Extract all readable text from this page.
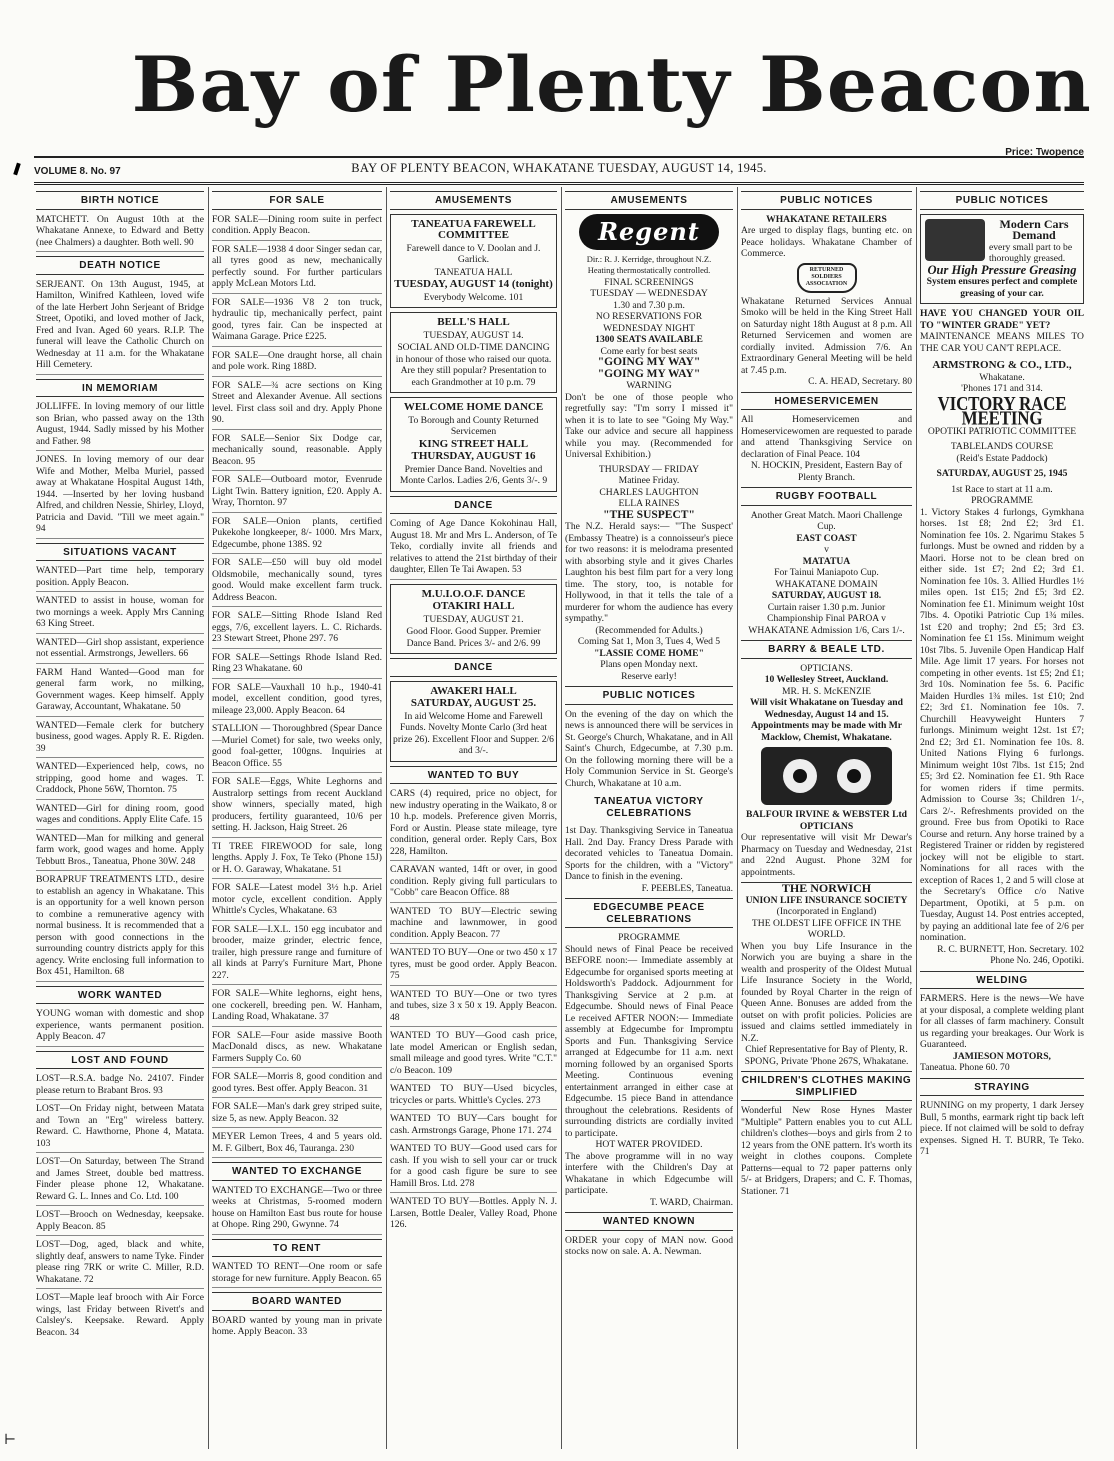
Bay of Plenty Beacon
VOLUME 8. No. 97	BAY OF PLENTY BEACON, WHAKATANE TUESDAY, AUGUST 14, 1945.
Price: Twopence
BIRTH NOTICE

MATCHETT. On August 10th at the Whakatane Annexe, to Edward and Betty (nee Chalmers) a daughter. Both well. 90

DEATH NOTICE

SERJEANT. On 13th August, 1945, at Hamilton, Winifred Kathleen, loved wife of the late Herbert John Serjeant of Bridge Street, Opotiki, and loved mother of Jack, Fred and Ivan. Aged 60 years. R.I.P. The funeral will leave the Catholic Church on Wednesday at 11 a.m. for the Whakatane Hill Cemetery.

IN MEMORIAM

JOLLIFFE. In loving memory of our little son Brian, who passed away on the 13th August, 1944. Sadly missed by his Mother and Father. 98

JONES. In loving memory of our dear Wife and Mother, Melba Muriel, passed away at Whakatane Hospital August 14th, 1944. —Inserted by her loving husband Alfred, and children Nessie, Shirley, Lloyd, Patricia and David. "Till we meet again." 94

SITUATIONS VACANT

WANTED—Part time help, temporary position. Apply Beacon.

WANTED to assist in house, woman for two mornings a week. Apply Mrs Canning 63 King Street.

WANTED—Girl shop assistant, experience not essential. Armstrongs, Jewellers. 66

FARM Hand Wanted—Good man for general farm work, no milking, Government wages. Keep himself. Apply Garaway, Accountant, Whakatane. 50

WANTED—Female clerk for butchery business, good wages. Apply R. E. Rigden. 39

WANTED—Experienced help, cows, no stripping, good home and wages. T. Craddock, Phone 56W, Thornton. 75

WANTED—Girl for dining room, good wages and conditions. Apply Elite Cafe. 15

WANTED—Man for milking and general farm work, good wages and home. Apply Tebbutt Bros., Taneatua, Phone 30W. 248

BORAPRUF TREATMENTS LTD., desire to establish an agency in Whakatane. This is an opportunity for a well known person to combine a remunerative agency with normal business. It is recommended that a person with good connections in the surrounding country districts apply for this agency. Write enclosing full information to Box 451, Hamilton. 68

WORK WANTED

YOUNG woman with domestic and shop experience, wants permanent position. Apply Beacon. 47

LOST AND FOUND

LOST—R.S.A. badge No. 24107. Finder please return to Brabant Bros. 93

LOST—On Friday night, between Matata and Town an "Erg" wireless battery. Reward. C. Hawthorne, Phone 4, Matata. 103

LOST—On Saturday, between The Strand and James Street, double bed mattress. Finder please phone 12, Whakatane. Reward G. L. Innes and Co. Ltd. 100

LOST—Brooch on Wednesday, keepsake. Apply Beacon. 85

LOST—Dog, aged, black and white, slightly deaf, answers to name Tyke. Finder please ring 7RK or write C. Miller, R.D. Whakatane. 72

LOST—Maple leaf brooch with Air Force wings, last Friday between Rivett's and Calsley's. Keepsake. Reward. Apply Beacon. 34

FOR SALE

FOR SALE—Dining room suite in perfect condition. Apply Beacon.

FOR SALE—1938 4 door Singer sedan car, all tyres good as new, mechanically perfectly sound. For further particulars apply McLean Motors Ltd.

FOR SALE—1936 V8 2 ton truck, hydraulic tip, mechanically perfect, paint good, tyres fair. Can be inspected at Waimana Garage. Price £225.

FOR SALE—One draught horse, all chain and pole work. Ring 188D.

FOR SALE—¾ acre sections on King Street and Alexander Avenue. All sections level. First class soil and dry. Apply Phone 90.

FOR SALE—Senior Six Dodge car, mechanically sound, reasonable. Apply Beacon. 95

FOR SALE—Outboard motor, Evenrude Light Twin. Battery ignition, £20. Apply A. Wray, Thornton. 97

FOR SALE—Onion plants, certified Pukekohe longkeeper, 8/- 1000. Mrs Marx, Edgecumbe, phone 138S. 92

FOR SALE—£50 will buy old model Oldsmobile, mechanically sound, tyres good. Would make excellent farm truck. Address Beacon.

FOR SALE—Sitting Rhode Island Red eggs, 7/6, excellent layers. L. C. Richards. 23 Stewart Street, Phone 297. 76

FOR SALE—Settings Rhode Island Red. Ring 23 Whakatane. 60

FOR SALE—Vauxhall 10 h.p., 1940-41 model, excellent condition, good tyres, mileage 23,000. Apply Beacon. 64

STALLION — Thoroughbred (Spear Dance—Muriel Comet) for sale, two weeks only, good foal-getter, 100gns. Inquiries at Beacon Office. 55

FOR SALE—Eggs, White Leghorns and Australorp settings from recent Auckland show winners, specially mated, high producers, fertility guaranteed, 10/6 per setting. H. Jackson, Haig Street. 26

TI TREE FIREWOOD for sale, long lengths. Apply J. Fox, Te Teko (Phone 15J) or H. O. Garaway, Whakatane. 51

FOR SALE—Latest model 3½ h.p. Ariel motor cycle, excellent condition. Apply Whittle's Cycles, Whakatane. 63

FOR SALE—I.X.L. 150 egg incubator and brooder, maize grinder, electric fence, trailer, high pressure range and furniture of all kinds at Parry's Furniture Mart, Phone 227.

FOR SALE—White leghorns, eight hens, one cockerell, breeding pen. W. Hanham, Landing Road, Whakatane. 37

FOR SALE—Four aside massive Booth MacDonald discs, as new. Whakatane Farmers Supply Co. 60

FOR SALE—Morris 8, good condition and good tyres. Best offer. Apply Beacon. 31

FOR SALE—Man's dark grey striped suite, size 5, as new. Apply Beacon. 32

MEYER Lemon Trees, 4 and 5 years old. M. F. Gilbert, Box 46, Tauranga. 230

WANTED TO EXCHANGE

WANTED TO EXCHANGE—Two or three weeks at Christmas, 5-roomed modern house on Hamilton East bus route for house at Ohope. Ring 290, Gwynne. 74

TO RENT

WANTED TO RENT—One room or safe storage for new furniture. Apply Beacon. 65

BOARD WANTED

BOARD wanted by young man in private home. Apply Beacon. 33

AMUSEMENTS
TANEATUA FAREWELL COMMITTEE
Farewell dance to V. Doolan and J. Garlick.
TANEATUA HALL
TUESDAY, AUGUST 14 (tonight)
Everybody Welcome. 101
BELL'S HALL
TUESDAY, AUGUST 14.
SOCIAL AND OLD-TIME DANCING in honour of those who raised our quota. Are they still popular? Presentation to each Grandmother at 10 p.m. 79
WELCOME HOME DANCE
To Borough and County Returned Servicemen
KING STREET HALL
THURSDAY, AUGUST 16
Premier Dance Band. Novelties and Monte Carlos. Ladies 2/6, Gents 3/-. 9
DANCE

Coming of Age Dance Kokohinau Hall, August 18. Mr and Mrs L. Anderson, of Te Teko, cordially invite all friends and relatives to attend the 21st birthday of their daughter, Ellen Te Tai Awapen. 53

M.U.I.O.O.F. DANCE
OTAKIRI HALL
TUESDAY, AUGUST 21.
Good Floor. Good Supper. Premier Dance Band. Prices 3/- and 2/6. 99
DANCE
AWAKERI HALL
SATURDAY, AUGUST 25.
In aid Welcome Home and Farewell Funds. Novelty Monte Carlo (3rd heat prize 26). Excellent Floor and Supper. 2/6 and 3/-.
WANTED TO BUY

CARS (4) required, price no object, for new industry operating in the Waikato, 8 or 10 h.p. models. Preference given Morris, Ford or Austin. Please state mileage, tyre condition, general order. Reply Cars, Box 228, Hamilton.

CARAVAN wanted, 14ft or over, in good condition. Reply giving full particulars to "Cobb" care Beacon Office. 88

WANTED TO BUY—Electric sewing machine and lawnmower, in good condition. Apply Beacon. 77

WANTED TO BUY—One or two 450 x 17 tyres, must be good order. Apply Beacon. 75

WANTED TO BUY—One or two tyres and tubes, size 3 x 50 x 19. Apply Beacon. 48

WANTED TO BUY—Good cash price, late model American or English sedan, small mileage and good tyres. Write "C.T." c/o Beacon. 109

WANTED TO BUY—Used bicycles, tricycles or parts. Whittle's Cycles. 273

WANTED TO BUY—Cars bought for cash. Armstrongs Garage, Phone 171. 274

WANTED TO BUY—Good used cars for cash. If you wish to sell your car or truck for a good cash figure be sure to see Hamill Bros. Ltd. 278

WANTED TO BUY—Bottles. Apply N. J. Larsen, Bottle Dealer, Valley Road, Phone 126.

AMUSEMENTS
Regent
Dir.: R. J. Kerridge, throughout N.Z.
Heating thermostatically controlled.
FINAL SCREENINGS
TUESDAY — WEDNESDAY
1.30 and 7.30 p.m.
NO RESERVATIONS FOR WEDNESDAY NIGHT
1300 SEATS AVAILABLE
Come early for best seats
"GOING MY WAY"
"GOING MY WAY"
WARNING

Don't be one of those people who regretfully say: "I'm sorry I missed it" when it is to late to see "Going My Way." Take our advice and secure all happiness while you may. (Recommended for Universal Exhibition.)

THURSDAY — FRIDAY
Matinee Friday.
CHARLES LAUGHTON
ELLA RAINES
"THE SUSPECT"

The N.Z. Herald says:— "'The Suspect' (Embassy Theatre) is a connoisseur's piece for two reasons: it is melodrama presented with absorbing style and it gives Charles Laughton his best film part for a very long time. The story, too, is notable for Hollywood, in that it tells the tale of a murderer for whom the audience has every sympathy."

(Recommended for Adults.)
Coming Sat 1, Mon 3, Tues 4, Wed 5
"LASSIE COME HOME"
Plans open Monday next.
Reserve early!
PUBLIC NOTICES

On the evening of the day on which the news is announced there will be services in St. George's Church, Whakatane, and in All Saint's Church, Edgecumbe, at 7.30 p.m. On the following morning there will be a Holy Communion Service in St. George's Church, Whakatane at 10 a.m.

TANEATUA VICTORY CELEBRATIONS

1st Day. Thanksgiving Service in Taneatua Hall. 2nd Day. Francy Dress Parade with decorated vehicles to Taneatua Domain. Sports for the children, with a "Victory" Dance to finish in the evening.

F. PEEBLES, Taneatua.

EDGECUMBE PEACE CELEBRATIONS
PROGRAMME

Should news of Final Peace be received BEFORE noon:— Immediate assembly at Edgecumbe for organised sports meeting at Holdsworth's Paddock. Adjournment for Thanksgiving Service at 2 p.m. at Edgecumbe. Should news of Final Peace Le received AFTER NOON:— Immediate assembly at Edgecumbe for Impromptu Sports and Fun. Thanksgiving Service arranged at Edgecumbe for 11 a.m. next morning followed by an organised Sports Meeting. Continuous evening entertainment arranged in either case at Edgecumbe. 15 piece Band in attendance throughout the celebrations. Residents of surrounding districts are cordially invited to participate.

HOT WATER PROVIDED.

The above programme will in no way interfere with the Children's Day at Whakatane in which Edgecumbe will participate.

T. WARD, Chairman.

WANTED KNOWN

ORDER your copy of MAN now. Good stocks now on sale. A. A. Newman.

PUBLIC NOTICES
WHAKATANE RETAILERS

Are urged to display flags, bunting etc. on Peace holidays. Whakatane Chamber of Commerce.

RETURNED SOLDIERS ASSOCIATION

Whakatane Returned Services Annual Smoko will be held in the King Street Hall on Saturday night 18th August at 8 p.m. All Returned Servicemen and women are cordially invited. Admission 7/6. An Extraordinary General Meeting will be held at 7.45 p.m.

C. A. HEAD, Secretary. 80

HOMESERVICEMEN

All Homeservicemen and Homeservicewomen are requested to parade and attend Thanksgiving Service on declaration of Final Peace. 104

N. HOCKIN, President, Eastern Bay of Plenty Branch.

RUGBY FOOTBALL

Another Great Match. Maori Challenge Cup.

EAST COAST
v
MATATUA
For Tainui Maniapoto Cup.
WHAKATANE DOMAIN
SATURDAY, AUGUST 18.

Curtain raiser 1.30 p.m. Junior Championship Final PAROA v WHAKATANE Admission 1/6, Cars 1/-.

BARRY & BEALE LTD.
OPTICIANS.
10 Wellesley Street, Auckland.
MR. H. S. McKENZIE

Will visit Whakatane on Tuesday and Wednesday, August 14 and 15. Appointments may be made with Mr Macklow, Chemist, Whakatane.

BALFOUR IRVINE & WEBSTER Ltd OPTICIANS

Our representative will visit Mr Dewar's Pharmacy on Tuesday and Wednesday, 21st and 22nd August. Phone 32M for appointments.

THE NORWICH
UNION LIFE INSURANCE SOCIETY
(Incorporated in England)
THE OLDEST LIFE OFFICE IN THE WORLD.

When you buy Life Insurance in the Norwich you are buying a share in the wealth and prosperity of the Oldest Mutual Life Insurance Society in the World, founded by Royal Charter in the reign of Queen Anne. Bonuses are added from the outset on with profit policies. Policies are issued and claims settled immediately in N.Z.

Chief Representative for Bay of Plenty, R. SPONG, Private 'Phone 267S, Whakatane.

CHILDREN'S CLOTHES MAKING SIMPLIFIED

Wonderful New Rose Hynes Master "Multiple" Pattern enables you to cut ALL children's clothes—boys and girls from 2 to 12 years from the ONE pattern. It's worth its weight in clothes coupons. Complete Patterns—equal to 72 paper patterns only 5/- at Bridgers, Drapers; and C. F. Thomas, Stationer. 71

PUBLIC NOTICES
Modern Cars Demand
every small part to be thoroughly greased.
Our High Pressure Greasing
System ensures perfect and complete greasing of your car.

HAVE YOU CHANGED YOUR OIL TO "WINTER GRADE" YET?

MAINTENANCE MEANS MILES TO THE CAR YOU CAN'T REPLACE.

ARMSTRONG & CO., LTD.,
Whakatane.
'Phones 171 and 314.
VICTORY RACE MEETING
OPOTIKI PATRIOTIC COMMITTEE
TABLELANDS COURSE
(Reid's Estate Paddock)
SATURDAY, AUGUST 25, 1945
1st Race to start at 11 a.m.
PROGRAMME

1. Victory Stakes 4 furlongs, Gymkhana horses. 1st £8; 2nd £2; 3rd £1. Nomination fee 10s. 2. Ngarimu Stakes 5 furlongs. Must be owned and ridden by a Maori. Horse not to be clean bred on either side. 1st £7; 2nd £2; 3rd £1. Nomination fee 10s. 3. Allied Hurdles 1½ miles open. 1st £15; 2nd £5; 3rd £2. Nomination fee £1. Minimum weight 10st 7lbs. 4. Opotiki Patriotic Cup 1¾ miles. 1st £20 and trophy; 2nd £5; 3rd £3. Nomination fee £1 15s. Minimum weight 10st 7lbs. 5. Juvenile Open Handicap Half Mile. Age limit 17 years. For horses not competing in other events. 1st £5; 2nd £1; 3rd 10s. Nomination fee 5s. 6. Pacific Maiden Hurdles 1¾ miles. 1st £10; 2nd £2; 3rd £1. Nomination fee 10s. 7. Churchill Heavyweight Hunters 7 furlongs. Minimum weight 12st. 1st £7; 2nd £2; 3rd £1. Nomination fee 10s. 8. United Nations Flying 6 furlongs. Minimum weight 10st 7lbs. 1st £15; 2nd £5; 3rd £2. Nomination fee £1. 9th Race for women riders if time permits. Admission to Course 3s; Children 1/-, Cars 2/-. Refreshments provided on the ground. Free bus from Opotiki to Race Course and return. Any horse trained by a Registered Trainer or ridden by registered jockey will not be eligible to start. Nominations for all races with the exception of Races 1, 2 and 5 will close at the Secretary's Office c/o Native Department, Opotiki, at 5 p.m. on Tuesday, August 14. Post entries accepted, by paying an additional late fee of 2/6 per nomination.

R. C. BURNETT, Hon. Secretary. 102 Phone No. 246, Opotiki.

WELDING

FARMERS. Here is the news—We have at your disposal, a complete welding plant for all classes of farm machinery. Consult us regarding your breakages. Our Work is Guaranteed.

JAMIESON MOTORS,

Taneatua. Phone 60. 70

STRAYING

RUNNING on my property, 1 dark Jersey Bull, 5 months, earmark right tip back left piece. If not claimed will be sold to defray expenses. Signed H. T. BURR, Te Teko. 71

⊢
